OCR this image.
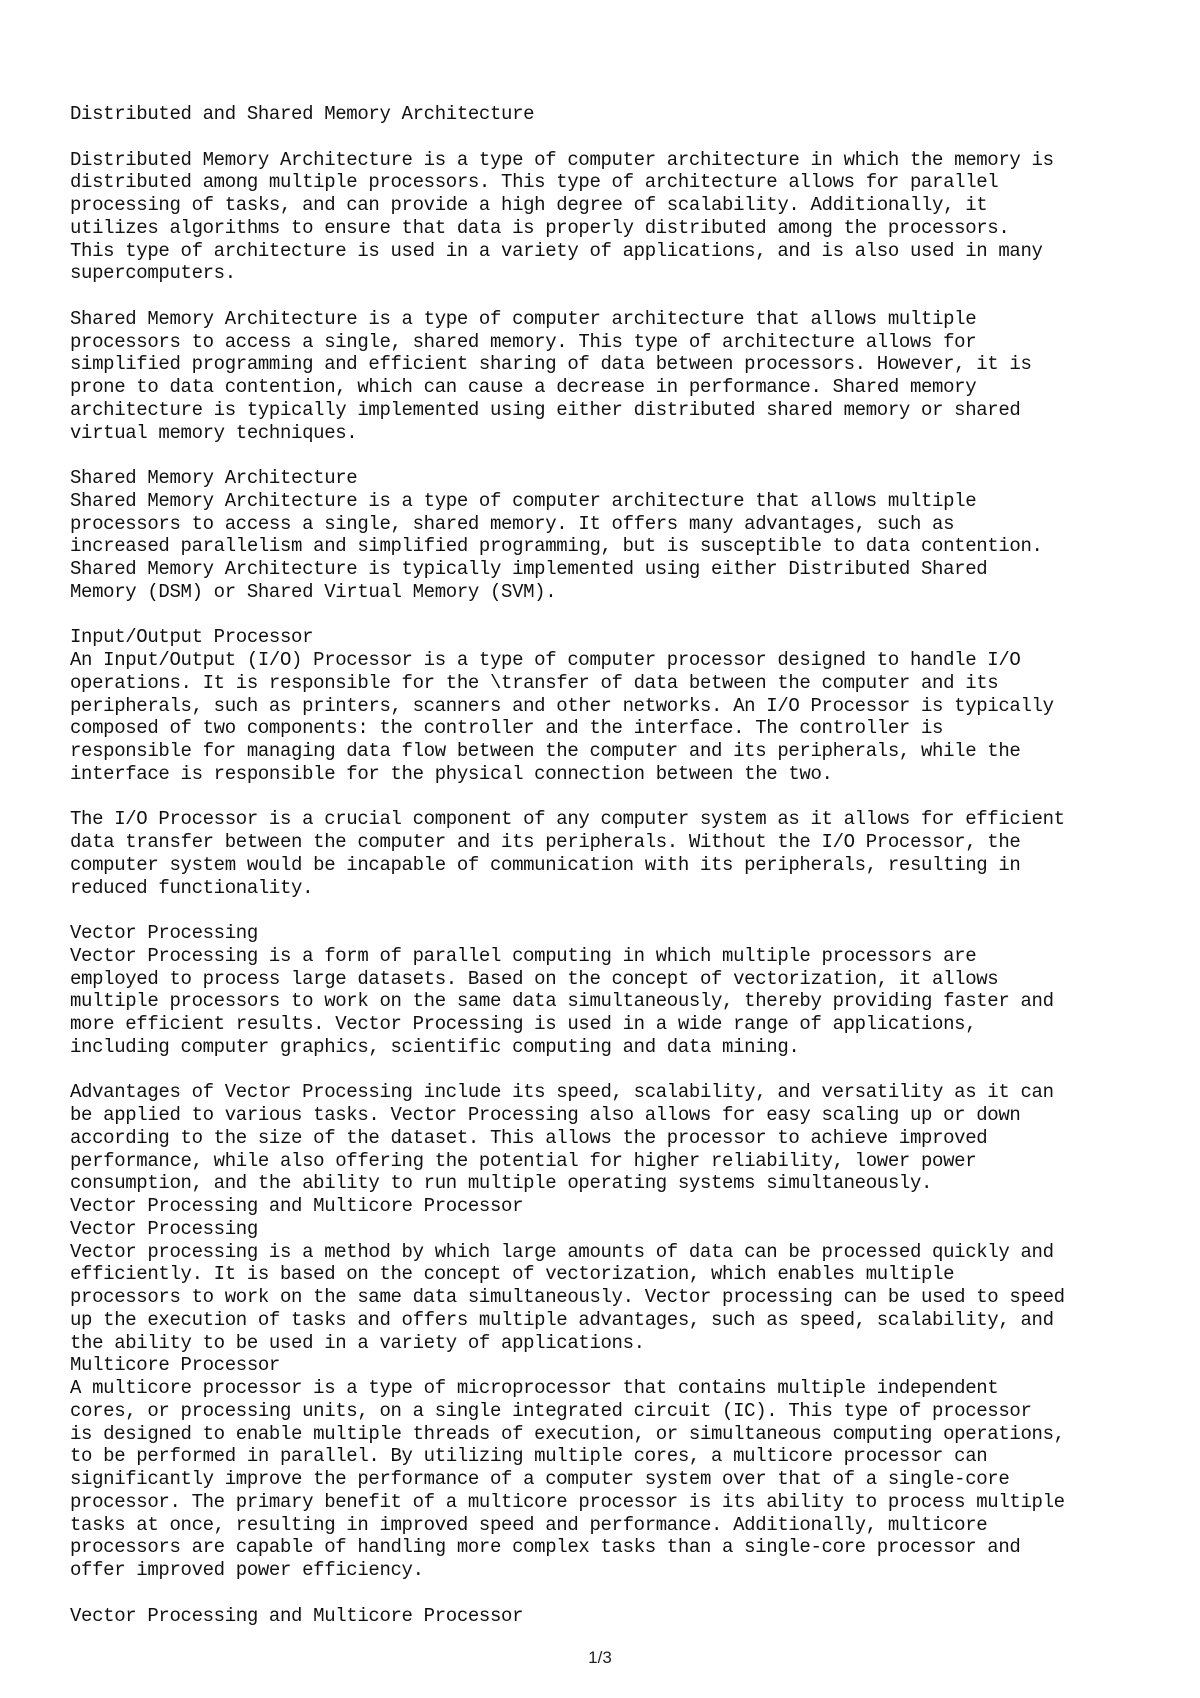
Distributed and Shared Memory Architecture

Distributed Memory Architecture is a type of computer architecture in which the memory is
distributed among multiple processors. This type of architecture allows for parallel
processing of tasks, and can provide a high degree of scalability. Additionally, it
utilizes algorithms to ensure that data is properly distributed among the processors.
This type of architecture is used in a variety of applications, and is also used in many
supercomputers.

Shared Memory Architecture is a type of computer architecture that allows multiple
processors to access a single, shared memory. This type of architecture allows for
simplified programming and efficient sharing of data between processors. However, it is
prone to data contention, which can cause a decrease in performance. Shared memory
architecture is typically implemented using either distributed shared memory or shared
virtual memory techniques.

Shared Memory Architecture
Shared Memory Architecture is a type of computer architecture that allows multiple
processors to access a single, shared memory. It offers many advantages, such as
increased parallelism and simplified programming, but is susceptible to data contention.
Shared Memory Architecture is typically implemented using either Distributed Shared
Memory (DSM) or Shared Virtual Memory (SVM).

Input/Output Processor
An Input/Output (I/O) Processor is a type of computer processor designed to handle I/O
operations. It is responsible for the \transfer of data between the computer and its
peripherals, such as printers, scanners and other networks. An I/O Processor is typically
composed of two components: the controller and the interface. The controller is
responsible for managing data flow between the computer and its peripherals, while the
interface is responsible for the physical connection between the two.

The I/O Processor is a crucial component of any computer system as it allows for efficient
data transfer between the computer and its peripherals. Without the I/O Processor, the
computer system would be incapable of communication with its peripherals, resulting in
reduced functionality.

Vector Processing
Vector Processing is a form of parallel computing in which multiple processors are
employed to process large datasets. Based on the concept of vectorization, it allows
multiple processors to work on the same data simultaneously, thereby providing faster and
more efficient results. Vector Processing is used in a wide range of applications,
including computer graphics, scientific computing and data mining.

Advantages of Vector Processing include its speed, scalability, and versatility as it can
be applied to various tasks. Vector Processing also allows for easy scaling up or down
according to the size of the dataset. This allows the processor to achieve improved
performance, while also offering the potential for higher reliability, lower power
consumption, and the ability to run multiple operating systems simultaneously.
Vector Processing and Multicore Processor
Vector Processing
Vector processing is a method by which large amounts of data can be processed quickly and
efficiently. It is based on the concept of vectorization, which enables multiple
processors to work on the same data simultaneously. Vector processing can be used to speed
up the execution of tasks and offers multiple advantages, such as speed, scalability, and
the ability to be used in a variety of applications.
Multicore Processor
A multicore processor is a type of microprocessor that contains multiple independent
cores, or processing units, on a single integrated circuit (IC). This type of processor
is designed to enable multiple threads of execution, or simultaneous computing operations,
to be performed in parallel. By utilizing multiple cores, a multicore processor can
significantly improve the performance of a computer system over that of a single-core
processor. The primary benefit of a multicore processor is its ability to process multiple
tasks at once, resulting in improved speed and performance. Additionally, multicore
processors are capable of handling more complex tasks than a single-core processor and
offer improved power efficiency.

Vector Processing and Multicore Processor
1/3
